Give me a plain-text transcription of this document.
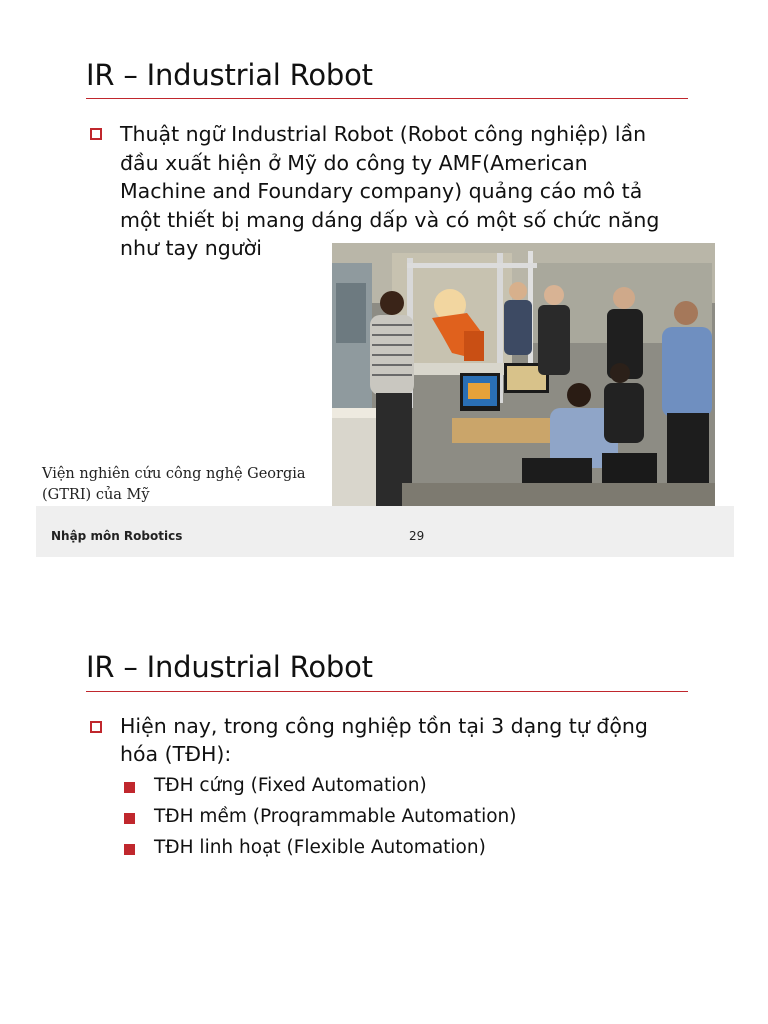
IR – Industrial Robot
Thuật ngữ Industrial Robot (Robot công nghiệp) lần
đầu xuất hiện ở Mỹ do công ty AMF(American
Machine and Foundary company) quảng cáo mô tả
một thiết bị mang dáng dấp và có một số chức năng
như tay người
Viện nghiên cứu công nghệ Georgia
(GTRI) của Mỹ
Nhập môn Robotics	29
IR – Industrial Robot
Hiện nay, trong công nghiệp tồn tại 3 dạng tự động
hóa (TĐH):
TĐH cứng (Fixed Automation)
TĐH mềm (Proqrammable Automation)
TĐH linh hoạt (Flexible Automation)
